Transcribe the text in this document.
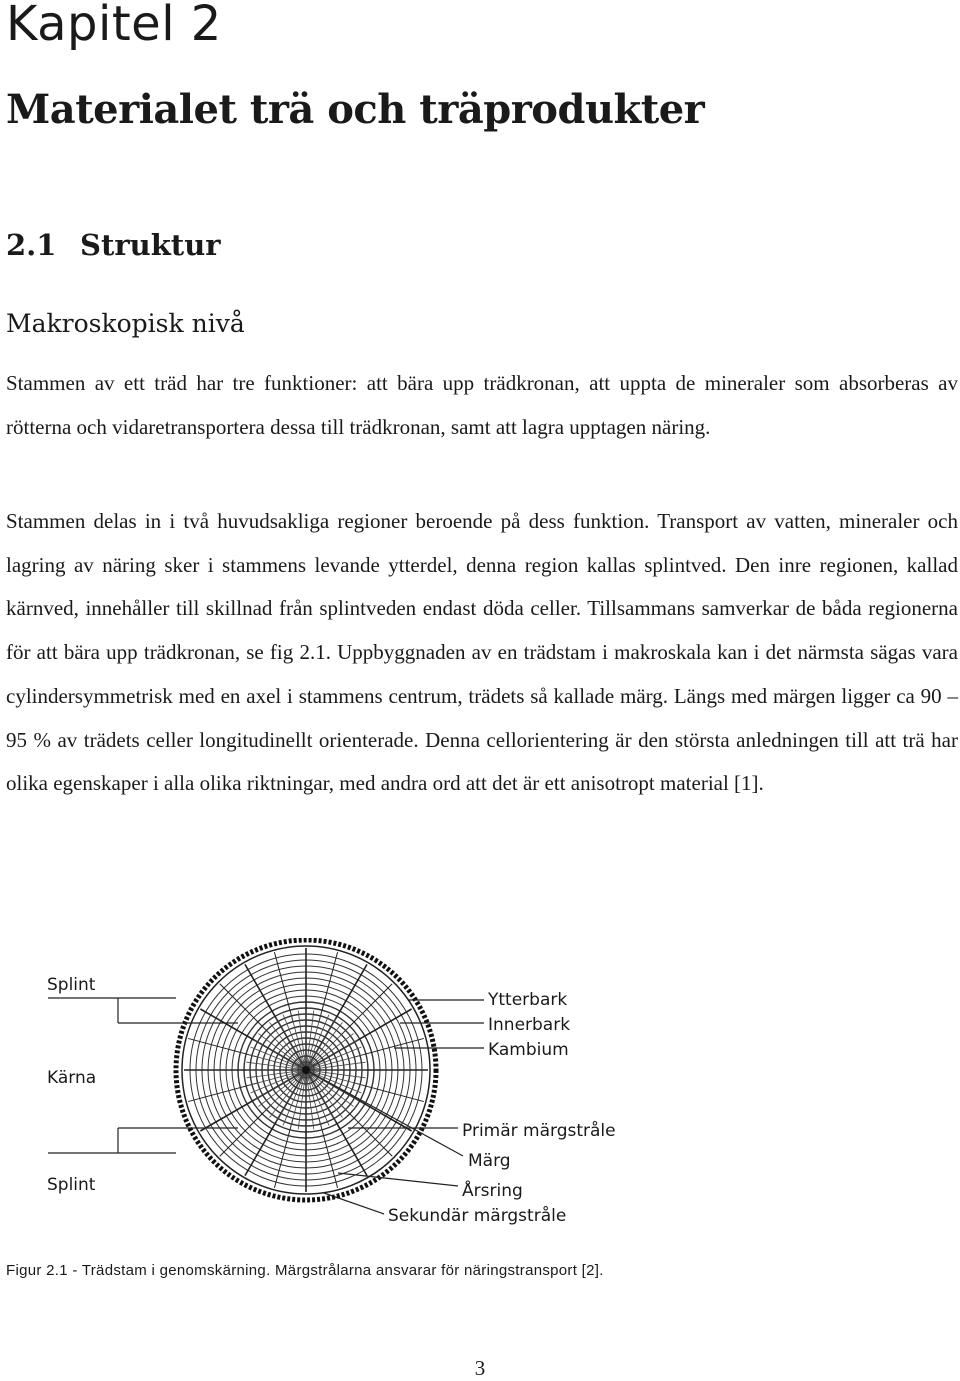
Kapitel 2
Materialet trä och träprodukter
2.1 Struktur
Makroskopisk nivå

Stammen av ett träd har tre funktioner: att bära upp trädkronan, att uppta de mineraler som absorberas av rötterna och vidaretransportera dessa till trädkronan, samt att lagra upptagen näring.

Stammen delas in i två huvudsakliga regioner beroende på dess funktion. Transport av vatten, mineraler och lagring av näring sker i stammens levande ytterdel, denna region kallas splintved. Den inre regionen, kallad kärnved, innehåller till skillnad från splintveden endast döda celler. Tillsammans samverkar de båda regionerna för att bära upp trädkronan, se fig 2.1. Uppbyggnaden av en trädstam i makroskala kan i det närmsta sägas vara cylindersymmetrisk med en axel i stammens centrum, trädets så kallade märg. Längs med märgen ligger ca 90 – 95 % av trädets celler longitudinellt orienterade. Denna cellorientering är den största anledningen till att trä har olika egenskaper i alla olika riktningar, med andra ord att det är ett anisotropt material [1].

Splint
Kärna
Splint
Ytterbark
Innerbark
Kambium
Primär märgstråle
Märg
Årsring
Sekundär märgstråle

Figur 2.1 - Trädstam i genomskärning. Märgstrålarna ansvarar för näringstransport [2].

3
